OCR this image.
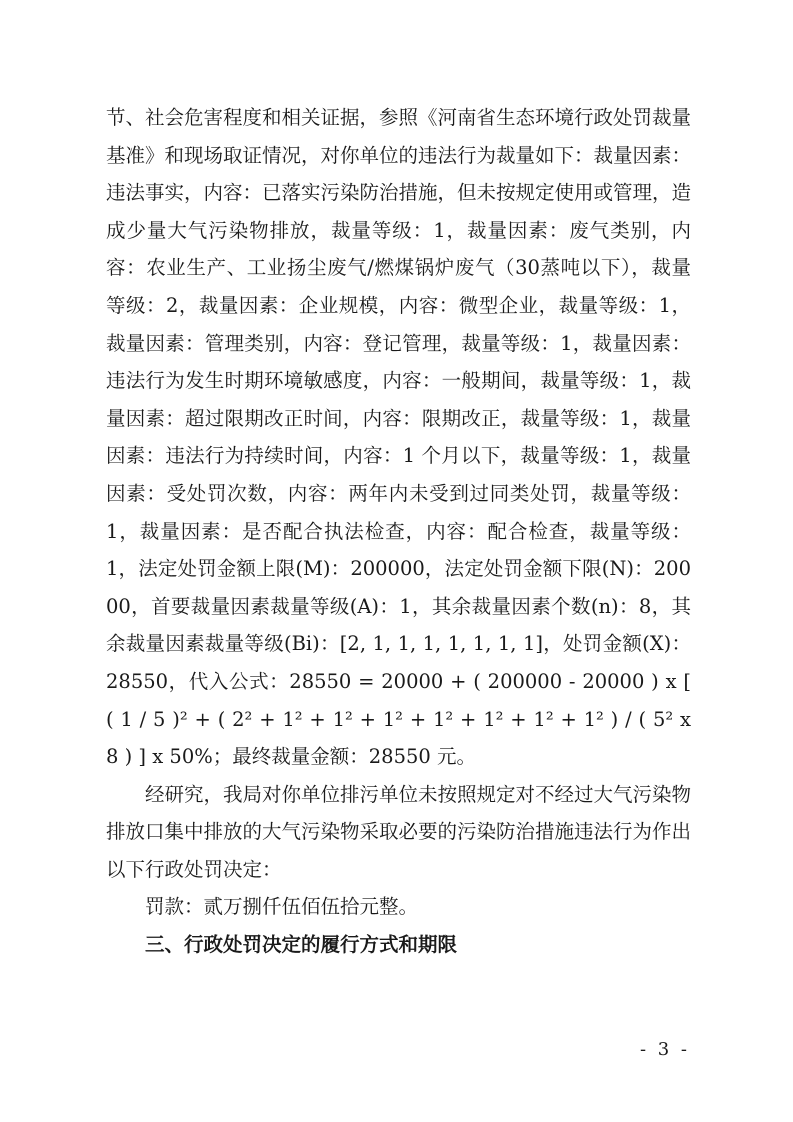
节、社会危害程度和相关证据，参照《河南省生态环境行政处罚裁量基准》和现场取证情况，对你单位的违法行为裁量如下：裁量因素：违法事实，内容：已落实污染防治措施，但未按规定使用或管理，造成少量大气污染物排放，裁量等级：1，裁量因素：废气类别，内容：农业生产、工业扬尘废气/燃煤锅炉废气（30蒸吨以下），裁量等级：2，裁量因素：企业规模，内容：微型企业，裁量等级：1，裁量因素：管理类别，内容：登记管理，裁量等级：1，裁量因素：违法行为发生时期环境敏感度，内容：一般期间，裁量等级：1，裁量因素：超过限期改正时间，内容：限期改正，裁量等级：1，裁量因素：违法行为持续时间，内容：1 个月以下，裁量等级：1，裁量因素：受处罚次数，内容：两年内未受到过同类处罚，裁量等级：1，裁量因素：是否配合执法检查，内容：配合检查，裁量等级：1，法定处罚金额上限(M)：200000，法定处罚金额下限(N)：20000，首要裁量因素裁量等级(A)：1，其余裁量因素个数(n)：8，其余裁量因素裁量等级(Bi)：[2, 1, 1, 1, 1, 1, 1, 1]，处罚金额(X)：28550，代入公式：28550 = 20000 + ( 200000 - 20000 ) x [ ( 1 / 5 )² + ( 2² + 1² + 1² + 1² + 1² + 1² + 1² + 1² ) / ( 5² x 8 ) ] x 50%；最终裁量金额：28550 元。

经研究，我局对你单位排污单位未按照规定对不经过大气污染物排放口集中排放的大气污染物采取必要的污染防治措施违法行为作出以下行政处罚决定：

罚款：贰万捌仟伍佰伍拾元整。

三、行政处罚决定的履行方式和期限

- 3 -
